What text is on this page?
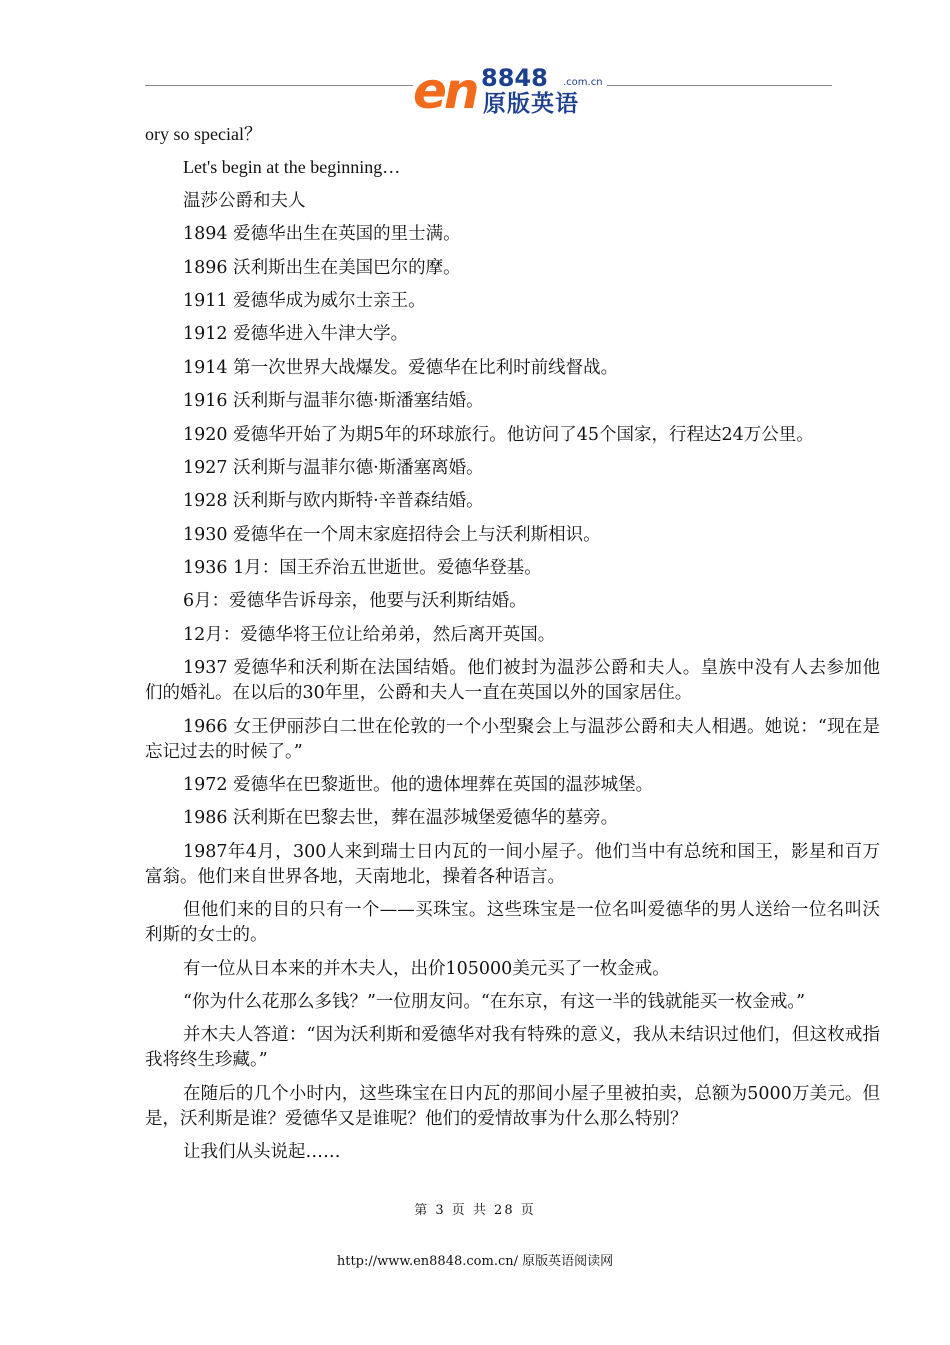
en 8848 .com.cn
原版英语

ory so special？

Let's begin at the beginning…

温莎公爵和夫人

1894 爱德华出生在英国的里士满。

1896 沃利斯出生在美国巴尔的摩。

1911 爱德华成为威尔士亲王。

1912 爱德华进入牛津大学。

1914 第一次世界大战爆发。爱德华在比利时前线督战。

1916 沃利斯与温菲尔德·斯潘塞结婚。

1920 爱德华开始了为期5年的环球旅行。他访问了45个国家，行程达24万公里。

1927 沃利斯与温菲尔德·斯潘塞离婚。

1928 沃利斯与欧内斯特·辛普森结婚。

1930 爱德华在一个周末家庭招待会上与沃利斯相识。

1936 1月：国王乔治五世逝世。爱德华登基。

6月：爱德华告诉母亲，他要与沃利斯结婚。

12月：爱德华将王位让给弟弟，然后离开英国。

1937 爱德华和沃利斯在法国结婚。他们被封为温莎公爵和夫人。皇族中没有人去参加他们的婚礼。在以后的30年里，公爵和夫人一直在英国以外的国家居住。

1966 女王伊丽莎白二世在伦敦的一个小型聚会上与温莎公爵和夫人相遇。她说：“现在是忘记过去的时候了。”

1972 爱德华在巴黎逝世。他的遗体埋葬在英国的温莎城堡。

1986 沃利斯在巴黎去世，葬在温莎城堡爱德华的墓旁。

1987年4月，300人来到瑞士日内瓦的一间小屋子。他们当中有总统和国王，影星和百万富翁。他们来自世界各地，天南地北，操着各种语言。

但他们来的目的只有一个——买珠宝。这些珠宝是一位名叫爱德华的男人送给一位名叫沃利斯的女士的。

有一位从日本来的并木夫人，出价105000美元买了一枚金戒。

“你为什么花那么多钱？”一位朋友问。“在东京，有这一半的钱就能买一枚金戒。”

并木夫人答道：“因为沃利斯和爱德华对我有特殊的意义，我从未结识过他们，但这枚戒指我将终生珍藏。”

在随后的几个小时内，这些珠宝在日内瓦的那间小屋子里被拍卖，总额为5000万美元。但是，沃利斯是谁？爱德华又是谁呢？他们的爱情故事为什么那么特别？

让我们从头说起……

第 3 页 共 28 页
http://www.en8848.com.cn/ 原版英语阅读网
